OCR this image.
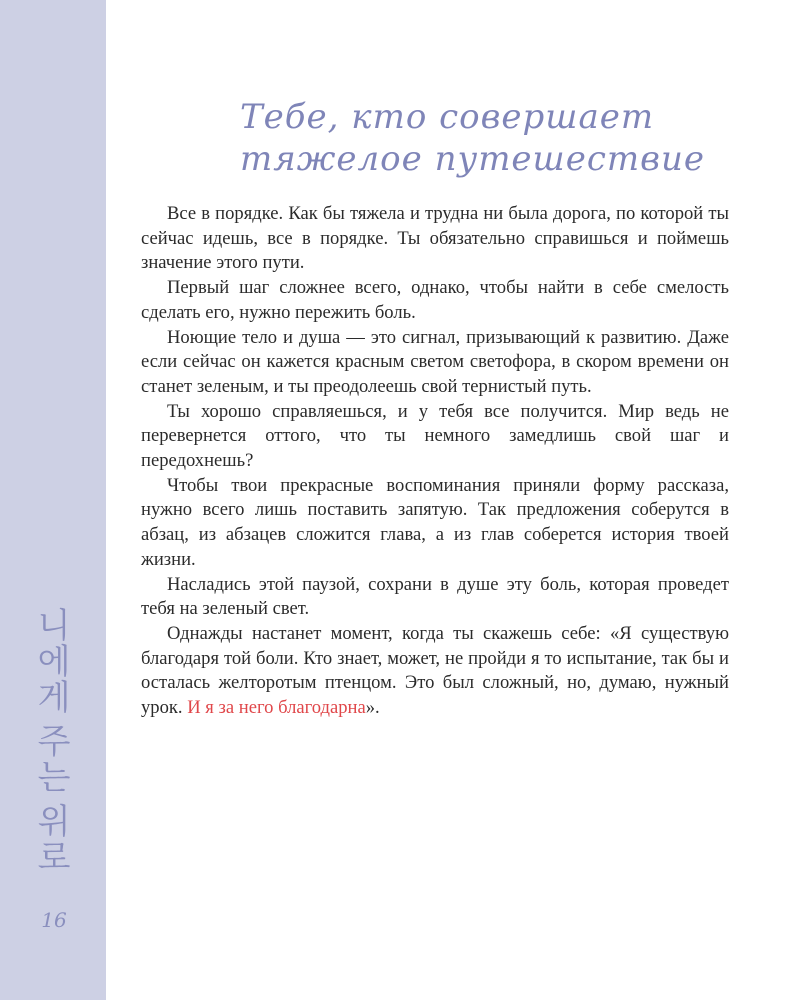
니
에
게
주
는
위
로
16
Тебе, кто совершает
тяжелое путешествие

Все в порядке. Как бы тяжела и трудна ни была дорога, по которой ты сейчас идешь, все в порядке. Ты обязательно справишься и поймешь значение этого пути.

Первый шаг сложнее всего, однако, чтобы найти в себе смелость сделать его, нужно пережить боль.

Ноющие тело и душа — это сигнал, призывающий к развитию. Даже если сейчас он кажется красным светом светофора, в скором времени он станет зеленым, и ты преодолеешь свой тернистый путь.

Ты хорошо справляешься, и у тебя все получится. Мир ведь не перевернется оттого, что ты немного замедлишь свой шаг и передохнешь?

Чтобы твои прекрасные воспоминания приняли форму рассказа, нужно всего лишь поставить запятую. Так предложения соберутся в абзац, из абзацев сложится глава, а из глав соберется история твоей жизни.

Насладись этой паузой, сохрани в душе эту боль, которая проведет тебя на зеленый свет.

Однажды настанет момент, когда ты скажешь себе: «Я существую благодаря той боли. Кто знает, может, не пройди я то испытание, так бы и осталась желторотым птенцом. Это был сложный, но, думаю, нужный урок. И я за него благодарна».
